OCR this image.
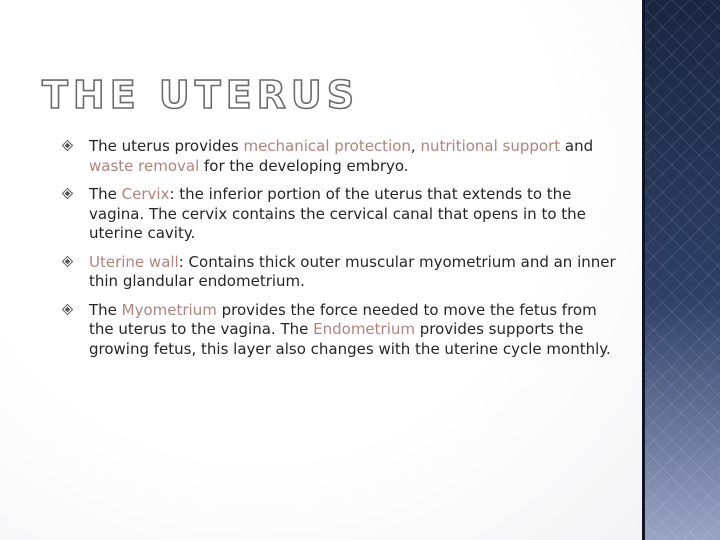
THE UTERUS
The uterus provides mechanical protection, nutritional support and waste removal for the developing embryo.
The Cervix: the inferior portion of the uterus that extends to the vagina. The cervix contains the cervical canal that opens in to the uterine cavity.
Uterine wall: Contains thick outer muscular myometrium and an inner thin glandular endometrium.
The Myometrium provides the force needed to move the fetus from the uterus to the vagina. The Endometrium provides supports the growing fetus, this layer also changes with the uterine cycle monthly.
